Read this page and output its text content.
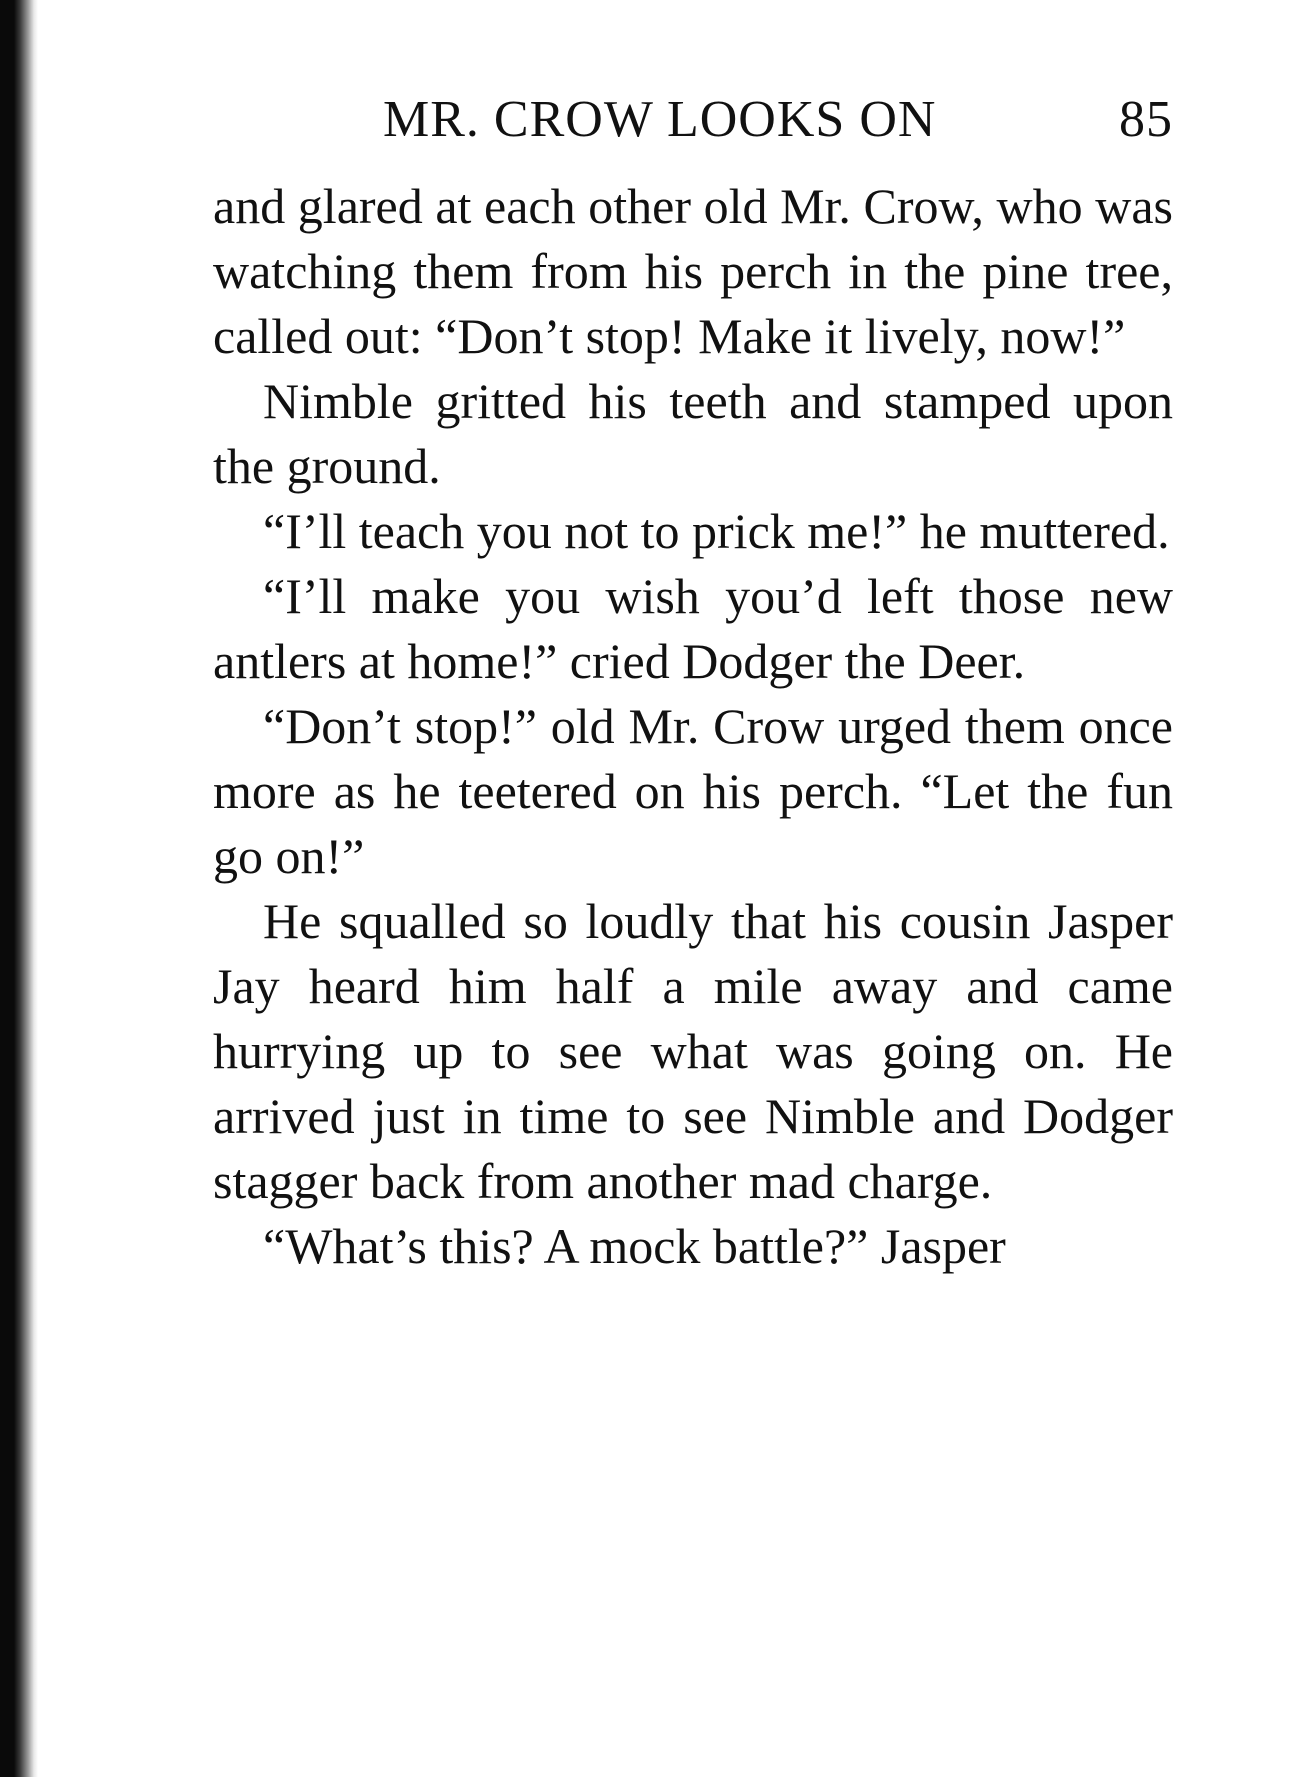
MR. CROW LOOKS ON	85

and glared at each other old Mr. Crow, who was watching them from his perch in the pine tree, called out: “Don’t stop! Make it lively, now!”

Nimble gritted his teeth and stamped upon the ground.

“I’ll teach you not to prick me!” he muttered.

“I’ll make you wish you’d left those new antlers at home!” cried Dodger the Deer.

“Don’t stop!” old Mr. Crow urged them once more as he teetered on his perch. “Let the fun go on!”

He squalled so loudly that his cousin Jasper Jay heard him half a mile away and came hurrying up to see what was going on. He arrived just in time to see Nimble and Dodger stagger back from another mad charge.

“What’s this? A mock battle?” Jasper
